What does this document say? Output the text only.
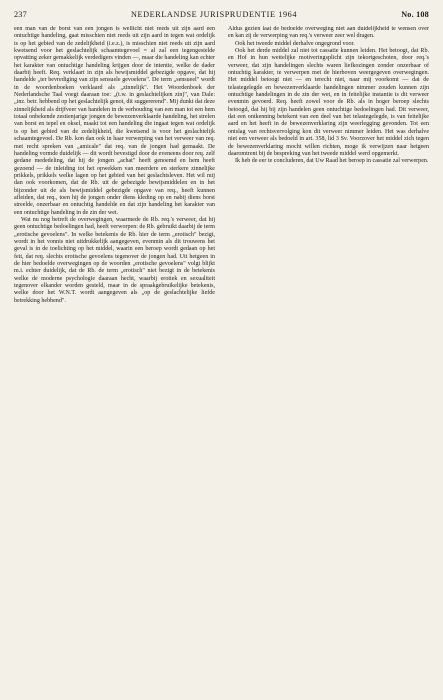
237	NEDERLANDSE JURISPRUDENTIE 1964	No. 108

een man van de borst van een jongen is wellicht niet reeds uit zijn aard een ontuchtige handeling, gaat misschien niet reeds uit zijn aard in tegen wat ordelijk is op het gebied van de zedelijkheid (i.e.z.), is misschien niet reeds uit zijn aard kwetsend voor het geslachtelijk schaamtegevoel = al zal een tegengestelde opvatting zeker gemakkelijk verdedigers vinden —, maar die handeling kan echter het karakter van ontuchtige handeling krijgen door de intentie, welke de dader daarbij heeft. Req. verklaart in zijn als bewijsmiddel gebezigde opgave, dat hij handelde „ter bevrediging van zijn sensuele gevoelens". De term „sensueel" wordt in de woordenboeken verklaard als „zinnelijk". Het Woordenboek der Nederlandsche Taal voegt daaraan toe: „(t.w. in geslachtelijken zin)", van Dale: „inz. betr. hebbend op het geslachtelijk genot, dit suggererend". Mij dunkt dat deze zinnelijkheid als drijfveer van handelen in de verhouding van een man tot een hem totaal onbekende zestienjarige jongen de bewezenverklaarde handeling, het strelen van borst en tepel en oksel, maakt tot een handeling die ingaat tegen wat ordelijk is op het gebied van de zedelijkheid, die kwetsend is voor het geslachtelijk schaamtegevoel. De Rb. kon dan ook in haar verwerping van het verweer van req. met recht spreken van „amicale" dat req. van de jongen had gemaakt. De handeling vormde duidelijk — dit wordt bevestigd door de eveneens door req. zelf gedane mededeling, dat hij de jongen „achat" heeft genoemd en hem heeft gezoend — de inleiding tot het opwekken van meerdere en sterkere zinnelijke prikkels, prikkels welke lagen op het gebied van het geslachtsleven. Het wil mij dan ook voorkomen, dat de Rb. uit de gebezigde bewijsmiddelen en in het bijzonder uit de als bewijsmiddel gebezigde opgave van req., heeft kunnen afleiden, dat req., toen hij de jongen onder diens kleding op en nabij diens borst streelde, onzerbaar en ontuchtig handelde en dat zijn handeling het karakter van een ontuchtige handeling in de zin der wet.

Wat nu nog betreft de overwegingen, waarmede de Rb. req.'s verweer, dat hij geen ontuchtige bedoelingen had, heeft verworpen: de Rb. gebruikt daarbij de term „erotische gevoelens". In welke betekenis de Rb. hier de term „erotisch" bezigt, wordt in het vonnis niet uitdrukkelijk aangegeven, evenmin als dit trouwens het geval is in de toelichting op het middel, waarin een beroep wordt gedaan op het feit, dat req. slechts erotische gevoelens tegenover de jongen had. Uit hetgeen in de hier bedoelde overwegingen op de woorden „erotische gevoelens" volgt blijkt m.i. echter duidelijk, dat de Rb. de term „erotisch" niet bezigt in de betekenis welke de moderne psychologie daaraan hecht, waarbij erotiek en sexualiteit tegenover elkander worden gesteld, maar in de spraakgebruikelijke betekenis, welke door het W.N.T. wordt aangegeven als „op de geslachtelijke liefde betrekking hebbend".

Aldus gezien laat de bedoelde overweging niet aan duidelijkheid te wensen over en kan zij de verwerping van req.'s verweer zeer wel dragen.

Ook het tweede middel derhalve ongegrond voor.

Ook het derde middel zal niet tot cassatie kunnen leiden. Het betoogt, dat Rb. en Hof in hun wettelijke motiveringsplicht zijn tekortgeschoten, door req.'s verweer, dat zijn handelingen slechts waren liefkozingen zonder onzerbaar of ontuchtig karakter, te verwerpen met de hierboven weergegeven overwegingen. Het middel betoogt niet — en terecht niet, naar mij voorkomt — dat de telastegelegde en bewezenverklaarde handelingen nimmer zouden kunnen zijn ontuchtige handelingen in de zin der wet, en in feitelijke instantie is dit verweer evenmin gevoerd. Req. heeft zowel voor de Rb. als in hoger beroep slechts betoogd, dat hij bij zijn handelen geen ontuchtige bedoelingen had. Dit verweer, dat een ontkenning betekent van een deel van het telastegelegde, is van feitelijke aard en het heeft in de bewezenverklaring zijn weerlegging gevonden. Tot een ontslag van rechtsvervolging kon dit verweer nimmer leiden. Het was derhalve niet een verweer als bedoeld in art. 358, lid 3 Sv. Voorzover het middel zich tegen de bewezenverklaring mocht willen richten, moge ik verwijzen naar hetgeen daaromtrent bij de bespreking van het tweede middel werd opgemerkt.

Ik heb de eer te concluderen, dat Uw Raad het beroep in cassatie zal verwerpen.
